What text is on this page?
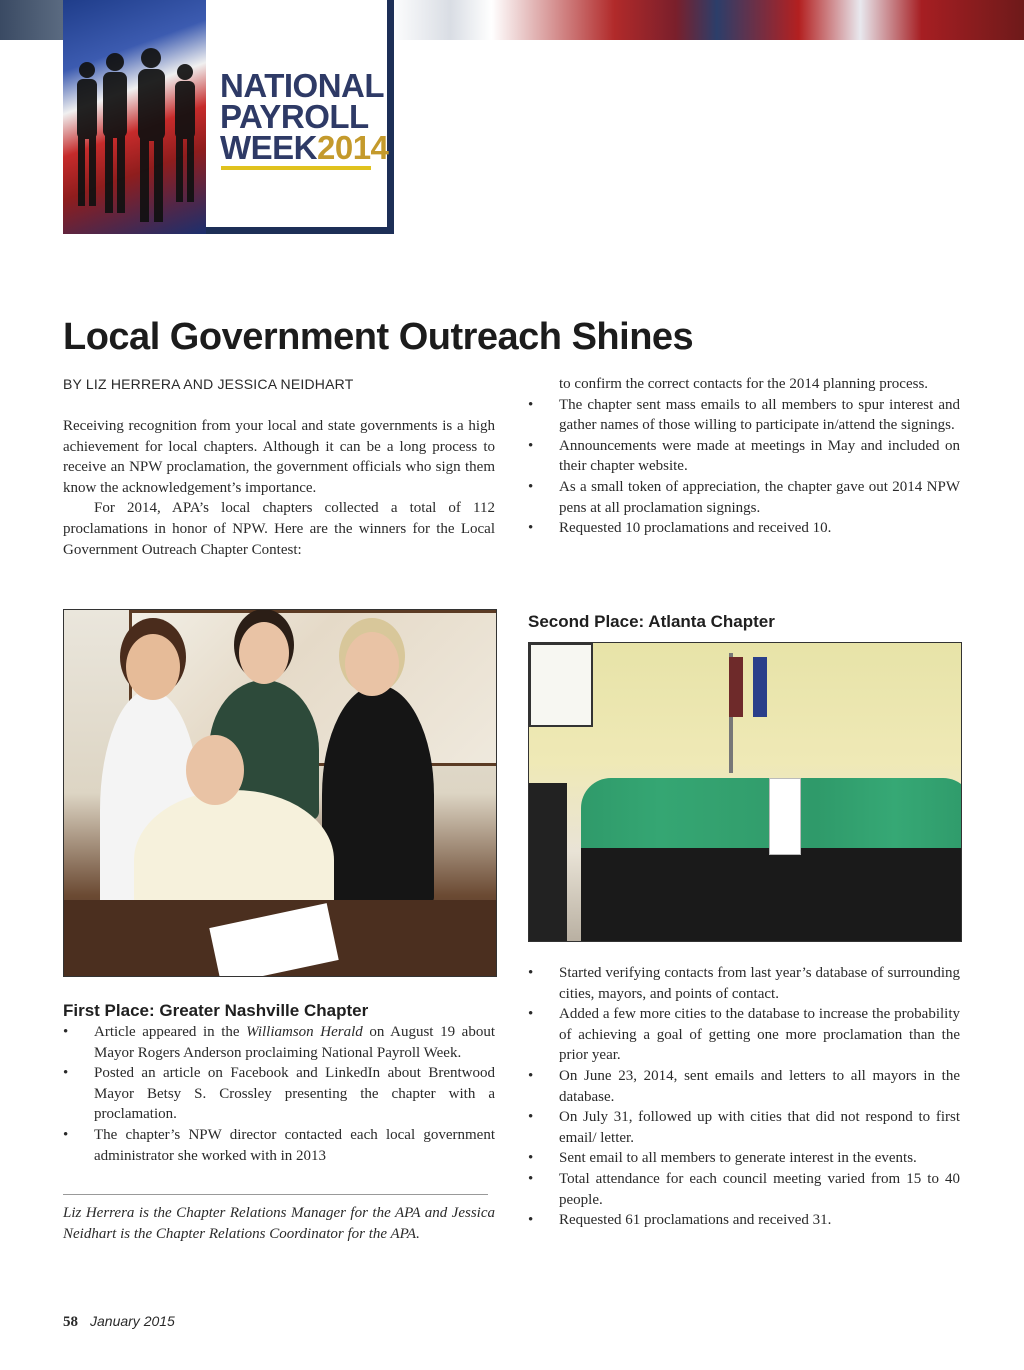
NATIONAL
PAYROLL
WEEK2014
Local Government Outreach Shines
BY LIZ HERRERA AND JESSICA NEIDHART

Receiving recognition from your local and state governments is a high achievement for local chapters. Although it can be a long process to receive an NPW proclamation, the government officials who sign them know the acknowledgement’s importance.

For 2014, APA’s local chapters collected a total of 112 proclamations in honor of NPW. Here are the winners for the Local Government Outreach Chapter Contest:

to confirm the correct contacts for the 2014 planning process.

• The chapter sent mass emails to all members to spur interest and gather names of those willing to participate in/attend the signings.
• Announcements were made at meetings in May and included on their chapter website.
• As a small token of appreciation, the chapter gave out 2014 NPW pens at all proclamation signings.
• Requested 10 proclamations and received 10.
First Place: Greater Nashville Chapter
• Article appeared in the Williamson Herald on August 19 about Mayor Rogers Anderson proclaiming National Payroll Week.
• Posted an article on Facebook and LinkedIn about Brentwood Mayor Betsy S. Crossley presenting the chapter with a proclamation.
• The chapter’s NPW director contacted each local government administrator she worked with in 2013
Liz Herrera is the Chapter Relations Manager for the APA and Jessica Neidhart is the Chapter Relations Coordinator for the APA.
Second Place: Atlanta Chapter
• Started verifying contacts from last year’s database of surrounding cities, mayors, and points of contact.
• Added a few more cities to the database to increase the probability of achieving a goal of getting one more proclamation than the prior year.
• On June 23, 2014, sent emails and letters to all mayors in the database.
• On July 31, followed up with cities that did not respond to first email/ letter.
• Sent email to all members to generate interest in the events.
• Total attendance for each council meeting varied from 15 to 40 people.
• Requested 61 proclamations and received 31.
58 January 2015
